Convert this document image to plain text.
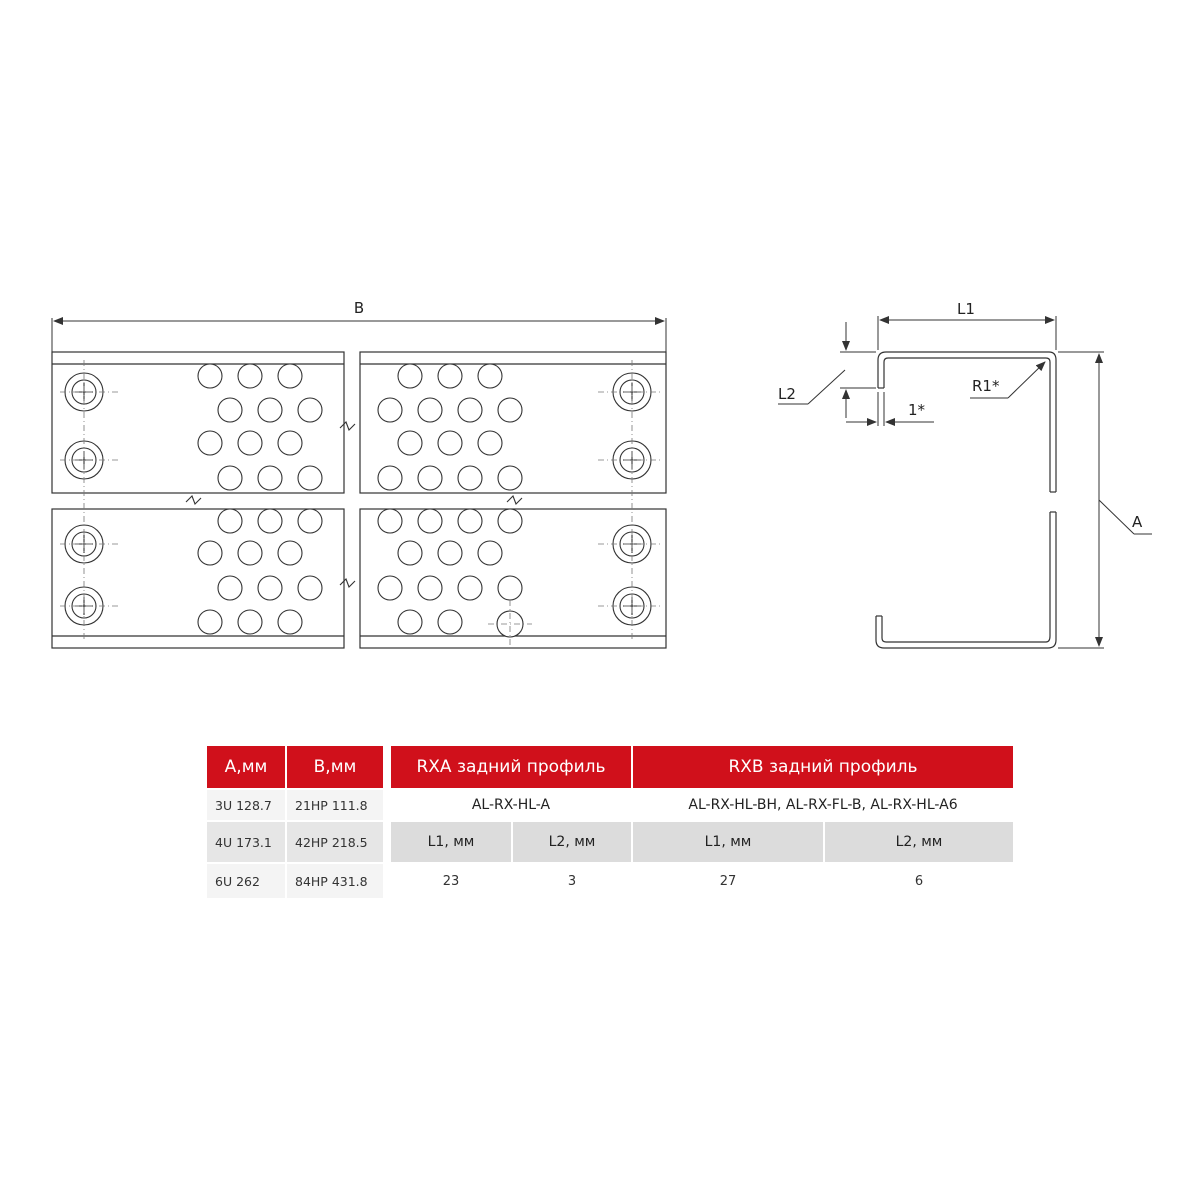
B	L1
L2
1*
R1*
A
A,мм	B,мм	RXA задний профиль	RXB задний профиль
3U 128.7	21HP 111.8	AL-RX-HL-A	AL-RX-HL-BH, AL-RX-FL-B, AL-RX-HL-A6
4U 173.1	42HP 218.5	L1, мм	L2, мм	L1, мм	L2, мм
6U 262	84HP 431.8	23	3	27	6
